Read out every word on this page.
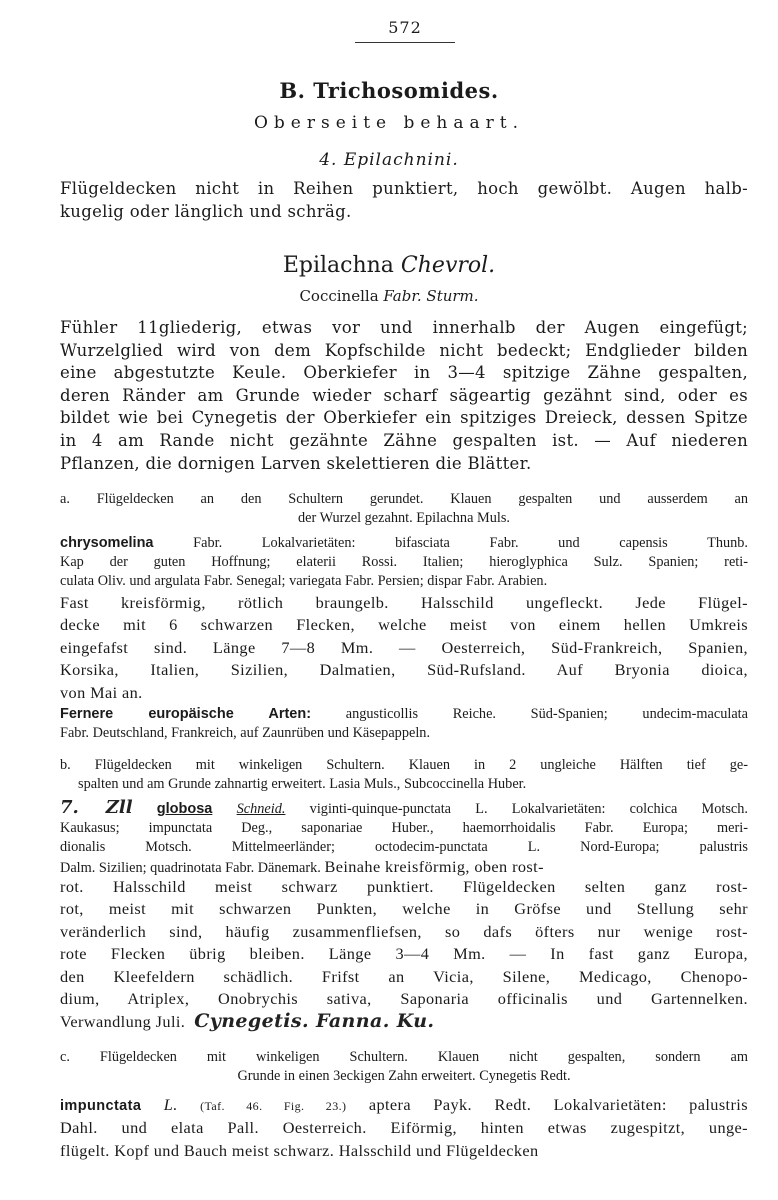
572
B. Trichosomides.
Oberseite behaart.
4. Epilachnini.
Flügeldecken nicht in Reihen punktiert, hoch gewölbt. Augen halb-
kugelig oder länglich und schräg.
Epilachna Chevrol.
Coccinella Fabr. Sturm.
Fühler 11gliederig, etwas vor und innerhalb der Augen eingefügt;
Wurzelglied wird von dem Kopfschilde nicht bedeckt; Endglieder bilden
eine abgestutzte Keule. Oberkiefer in 3—4 spitzige Zähne gespalten,
deren Ränder am Grunde wieder scharf sägeartig gezähnt sind, oder es
bildet wie bei Cynegetis der Oberkiefer ein spitziges Dreieck, dessen Spitze
in 4 am Rande nicht gezähnte Zähne gespalten ist. — Auf niederen
Pflanzen, die dornigen Larven skelettieren die Blätter.
a. Flügeldecken an den Schultern gerundet. Klauen gespalten und ausserdem an
der Wurzel gezahnt. Epilachna Muls.
chrysomelina	Fabr. Lokalvarietäten: bifasciata Fabr. und capensis Thunb.
Kap der guten Hoffnung; elaterii Rossi. Italien; hieroglyphica Sulz. Spanien; reti-
culata Oliv. und argulata Fabr. Senegal; variegata Fabr. Persien; dispar Fabr. Arabien.
Fast kreisförmig, rötlich braungelb. Halsschild ungefleckt. Jede Flügel-
decke mit 6 schwarzen Flecken, welche meist von einem hellen Umkreis
eingefafst sind. Länge 7—8 Mm. — Oesterreich, Süd-Frankreich, Spanien,
Korsika, Italien, Sizilien, Dalmatien, Süd-Rufsland. Auf Bryonia dioica,
von Mai an.
Fernere europäische Arten: angusticollis Reiche. Süd-Spanien; undecim-maculata
Fabr. Deutschland, Frankreich, auf Zaunrüben und Käsepappeln.
b. Flügeldecken mit winkeligen Schultern. Klauen in 2 ungleiche Hälften tief ge-
spalten und am Grunde zahnartig erweitert. Lasia Muls., Subcoccinella Huber.
7. Zll globosa Schneid. viginti-quinque-punctata L. Lokalvarietäten: colchica Motsch.
Kaukasus; impunctata Deg., saponariae Huber., haemorrhoidalis Fabr. Europa; meri-
dionalis Motsch. Mittelmeerländer; octodecim-punctata L. Nord-Europa; palustris
Dalm. Sizilien; quadrinotata Fabr. Dänemark. Beinahe kreisförmig, oben rost-
rot. Halsschild meist schwarz punktiert. Flügeldecken selten ganz rost-
rot, meist mit schwarzen Punkten, welche in Gröfse und Stellung sehr
veränderlich sind, häufig zusammenfliefsen, so dafs öfters nur wenige rost-
rote Flecken übrig bleiben. Länge 3—4 Mm. — In fast ganz Europa,
den Kleefeldern schädlich. Frifst an Vicia, Silene, Medicago, Chenopo-
dium, Atriplex, Onobrychis sativa, Saponaria officinalis und Gartennelken.
Verwandlung Juli. Cynegetis. Fanna. Ku.
c. Flügeldecken mit winkeligen Schultern. Klauen nicht gespalten, sondern am
Grunde in einen 3eckigen Zahn erweitert. Cynegetis Redt.
impunctata L. (Taf. 46. Fig. 23.) aptera Payk. Redt. Lokalvarietäten: palustris
Dahl. und elata Pall. Oesterreich. Eiförmig, hinten etwas zugespitzt, unge-
flügelt. Kopf und Bauch meist schwarz. Halsschild und Flügeldecken
